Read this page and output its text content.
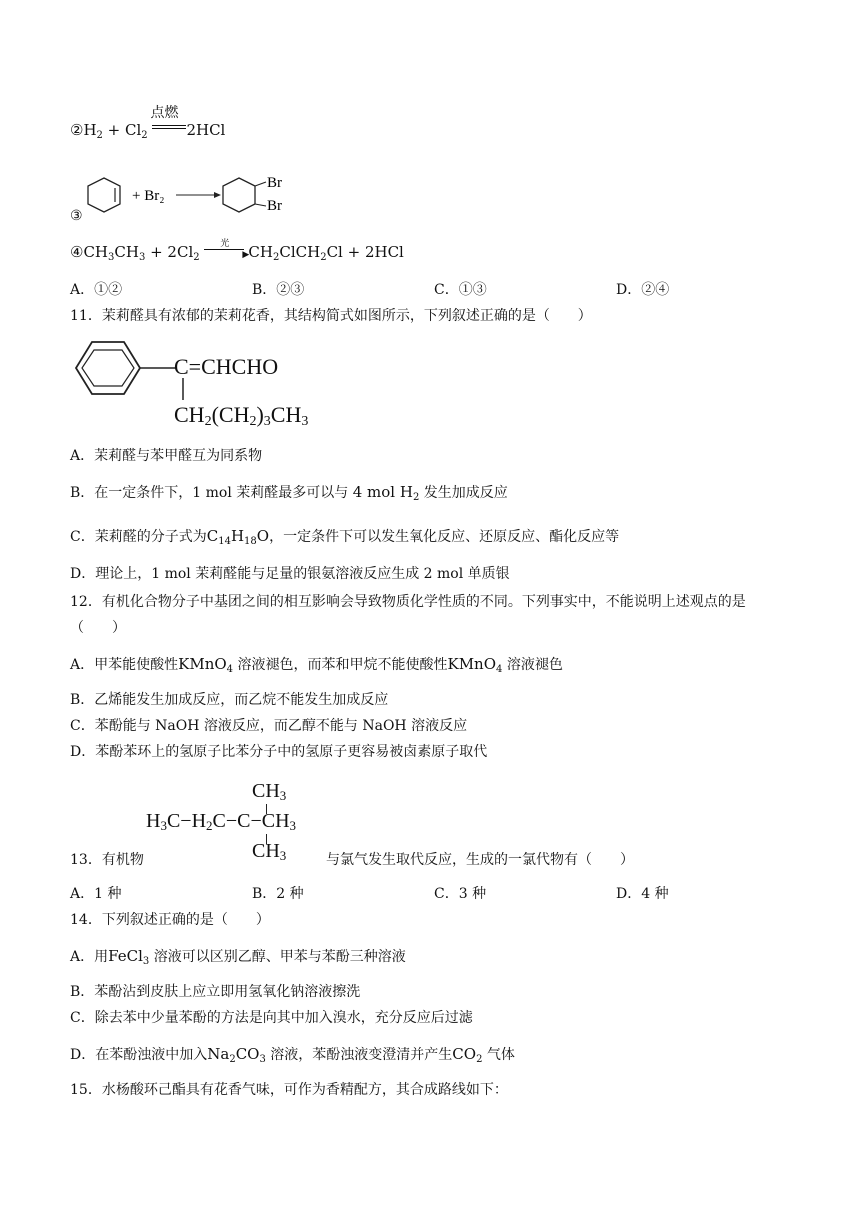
$②H_2 + Cl_2$
点燃
2HCl
③
+ Br₂
Br
Br
$④CH_3CH_3 + 2Cl_2$
光
▶ $CH_2ClCH_2Cl + 2HCl$
A．①②	B．②③	C．①③	D．②④
11．茉莉醛具有浓郁的茉莉花香，其结构简式如图所示，下列叙述正确的是（　　）
C=CHCHO
$CH_2(CH_2)_3CH_3$
A．茉莉醛与苯甲醛互为同系物
B．在一定条件下，1 mol 茉莉醛最多可以与 4 mol $H_2$ 发生加成反应
C．茉莉醛的分子式为$C_{14}H_{18}O$，一定条件下可以发生氧化反应、还原反应、酯化反应等
D．理论上，1 mol 茉莉醛能与足量的银氨溶液反应生成 2 mol 单质银
12．有机化合物分子中基团之间的相互影响会导致物质化学性质的不同。下列事实中，不能说明上述观点的是
（　　）
A．甲苯能使酸性KMnO$_4$ 溶液褪色，而苯和甲烷不能使酸性KMnO$_4$ 溶液褪色
B．乙烯能发生加成反应，而乙烷不能发生加成反应
C．苯酚能与 NaOH 溶液反应，而乙醇不能与 NaOH 溶液反应
D．苯酚苯环上的氢原子比苯分子中的氢原子更容易被卤素原子取代
$CH_3$
$H_3C-H_2C-C-CH_3$
$CH_3$
13．有机物	与氯气发生取代反应，生成的一氯代物有（　　）
A．1 种	B．2 种	C．3 种	D．4 种
14．下列叙述正确的是（　　）
A．用FeCl$_3$ 溶液可以区别乙醇、甲苯与苯酚三种溶液
B．苯酚沾到皮肤上应立即用氢氧化钠溶液擦洗
C．除去苯中少量苯酚的方法是向其中加入溴水，充分反应后过滤
D．在苯酚浊液中加入$Na_2CO_3$ 溶液，苯酚浊液变澄清并产生$CO_2$ 气体
15．水杨酸环己酯具有花香气味，可作为香精配方，其合成路线如下：
